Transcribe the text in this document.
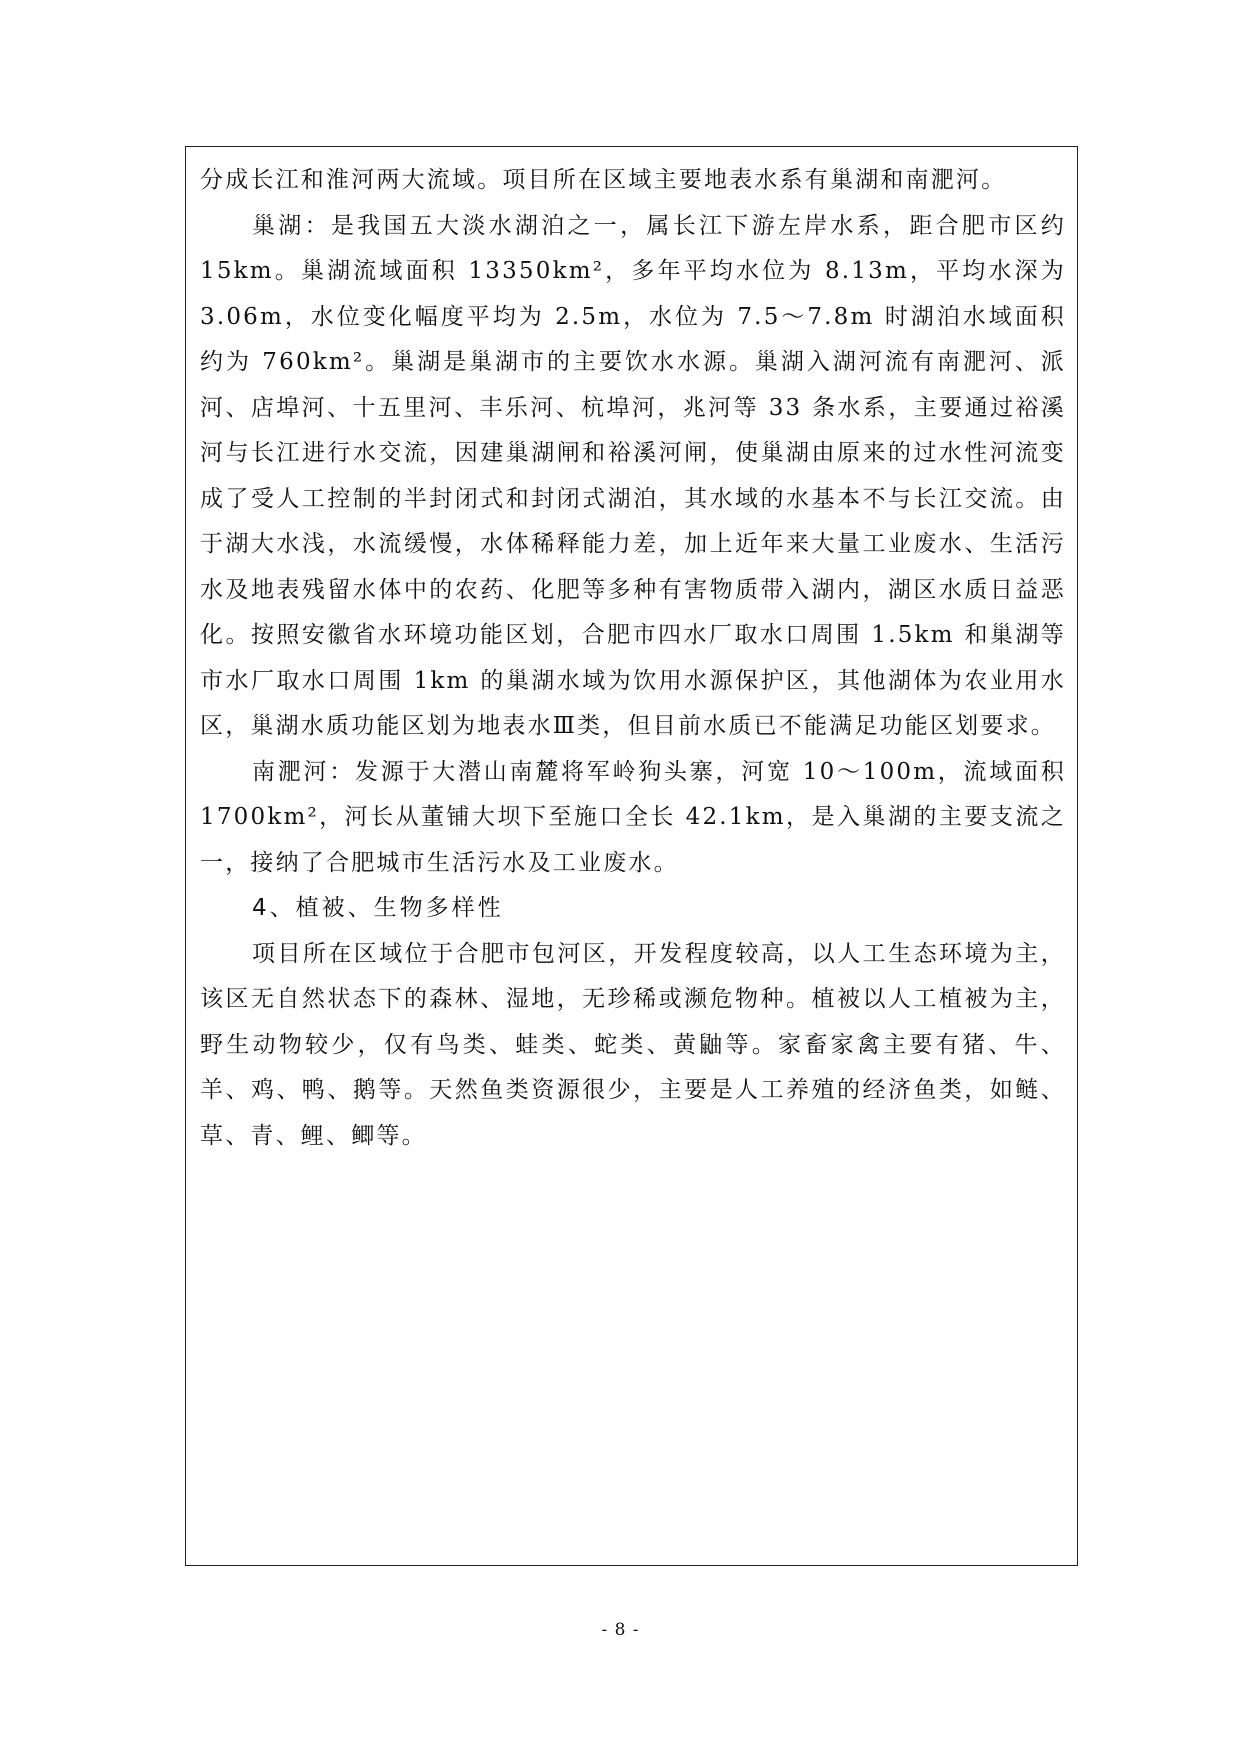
分成长江和淮河两大流域。项目所在区域主要地表水系有巢湖和南淝河。

巢湖：是我国五大淡水湖泊之一，属长江下游左岸水系，距合肥市区约 15km。巢湖流域面积 13350km²，多年平均水位为 8.13m，平均水深为 3.06m，水位变化幅度平均为 2.5m，水位为 7.5～7.8m 时湖泊水域面积约为 760km²。巢湖是巢湖市的主要饮水水源。巢湖入湖河流有南淝河、派河、店埠河、十五里河、丰乐河、杭埠河，兆河等 33 条水系，主要通过裕溪河与长江进行水交流，因建巢湖闸和裕溪河闸，使巢湖由原来的过水性河流变成了受人工控制的半封闭式和封闭式湖泊，其水域的水基本不与长江交流。由于湖大水浅，水流缓慢，水体稀释能力差，加上近年来大量工业废水、生活污水及地表残留水体中的农药、化肥等多种有害物质带入湖内，湖区水质日益恶化。按照安徽省水环境功能区划，合肥市四水厂取水口周围 1.5km 和巢湖等市水厂取水口周围 1km 的巢湖水域为饮用水源保护区，其他湖体为农业用水区，巢湖水质功能区划为地表水Ⅲ类，但目前水质已不能满足功能区划要求。

南淝河：发源于大潜山南麓将军岭狗头寨，河宽 10～100m，流域面积 1700km²，河长从董铺大坝下至施口全长 42.1km，是入巢湖的主要支流之一，接纳了合肥城市生活污水及工业废水。

4、植被、生物多样性

项目所在区域位于合肥市包河区，开发程度较高，以人工生态环境为主，该区无自然状态下的森林、湿地，无珍稀或濒危物种。植被以人工植被为主，野生动物较少，仅有鸟类、蛙类、蛇类、黄鼬等。家畜家禽主要有猪、牛、羊、鸡、鸭、鹅等。天然鱼类资源很少，主要是人工养殖的经济鱼类，如鲢、草、青、鲤、鲫等。

- 8 -
